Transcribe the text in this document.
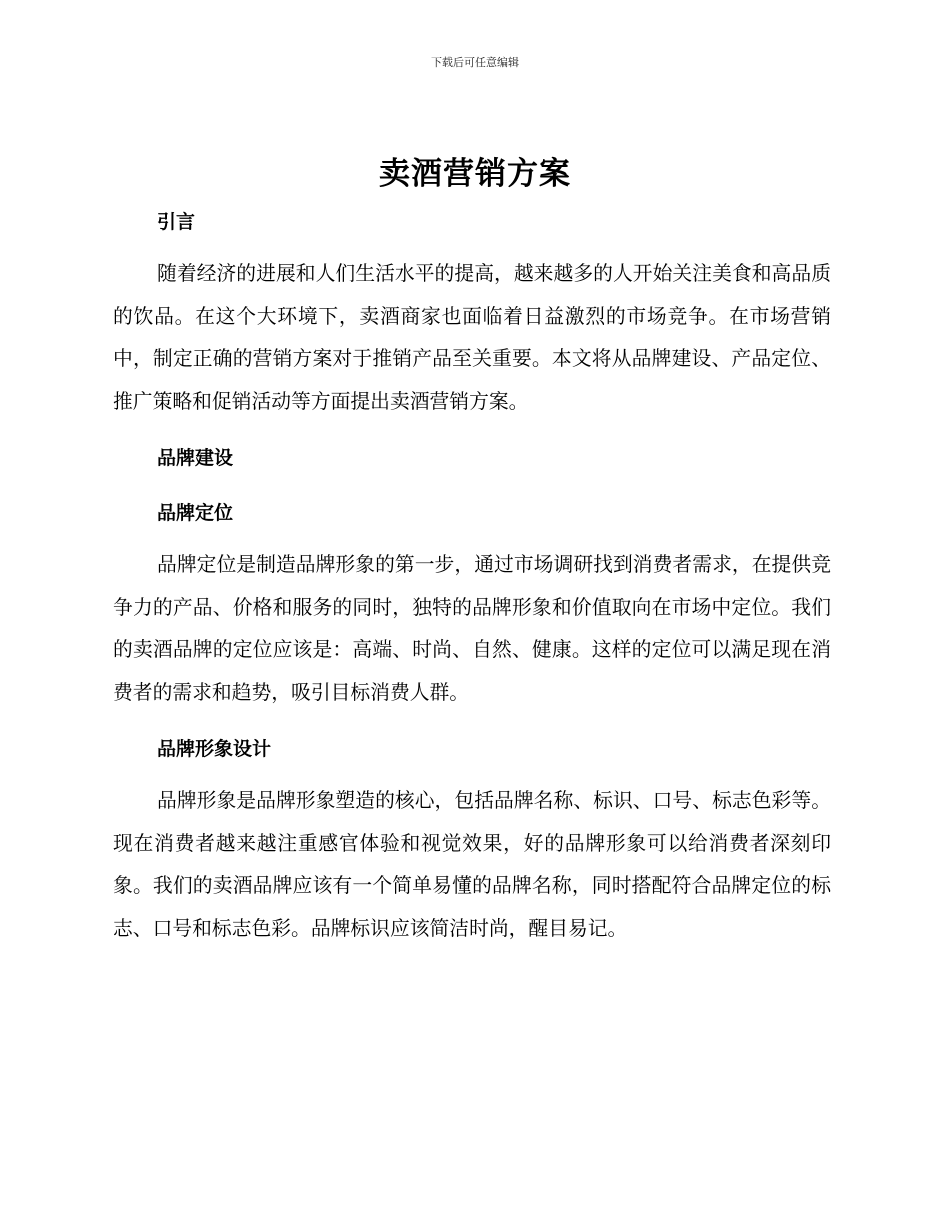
下载后可任意编辑
卖酒营销方案
引言

随着经济的进展和人们生活水平的提高，越来越多的人开始关注美食和高品质的饮品。在这个大环境下，卖酒商家也面临着日益激烈的市场竞争。在市场营销中，制定正确的营销方案对于推销产品至关重要。本文将从品牌建设、产品定位、推广策略和促销活动等方面提出卖酒营销方案。

品牌建设
品牌定位

品牌定位是制造品牌形象的第一步，通过市场调研找到消费者需求，在提供竞争力的产品、价格和服务的同时，独特的品牌形象和价值取向在市场中定位。我们的卖酒品牌的定位应该是：高端、时尚、自然、健康。这样的定位可以满足现在消费者的需求和趋势，吸引目标消费人群。

品牌形象设计

品牌形象是品牌形象塑造的核心，包括品牌名称、标识、口号、标志色彩等。现在消费者越来越注重感官体验和视觉效果，好的品牌形象可以给消费者深刻印象。我们的卖酒品牌应该有一个简单易懂的品牌名称，同时搭配符合品牌定位的标志、口号和标志色彩。品牌标识应该简洁时尚，醒目易记。
